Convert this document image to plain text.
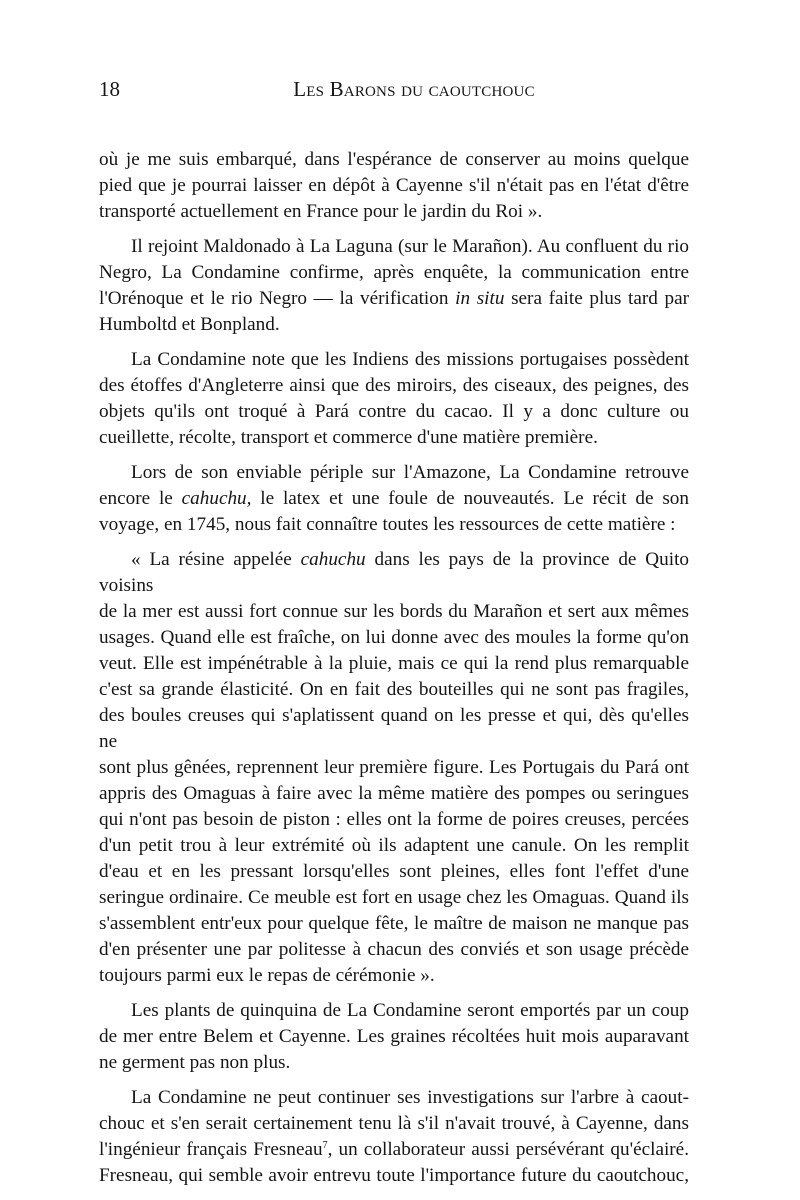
18	Les Barons du caoutchouc
où je me suis embarqué, dans l'espérance de conserver au moins quelque
pied que je pourrai laisser en dépôt à Cayenne s'il n'était pas en l'état d'être
transporté actuellement en France pour le jardin du Roi ».
Il rejoint Maldonado à La Laguna (sur le Marañon). Au confluent du rio
Negro, La Condamine confirme, après enquête, la communication entre
l'Orénoque et le rio Negro — la vérification in situ sera faite plus tard par
Humboltd et Bonpland.
La Condamine note que les Indiens des missions portugaises possèdent
des étoffes d'Angleterre ainsi que des miroirs, des ciseaux, des peignes, des
objets qu'ils ont troqué à Pará contre du cacao. Il y a donc culture ou
cueillette, récolte, transport et commerce d'une matière première.
Lors de son enviable périple sur l'Amazone, La Condamine retrouve
encore le cahuchu, le latex et une foule de nouveautés. Le récit de son
voyage, en 1745, nous fait connaître toutes les ressources de cette matière :
« La résine appelée cahuchu dans les pays de la province de Quito voisins
de la mer est aussi fort connue sur les bords du Marañon et sert aux mêmes
usages. Quand elle est fraîche, on lui donne avec des moules la forme qu'on
veut. Elle est impénétrable à la pluie, mais ce qui la rend plus remarquable
c'est sa grande élasticité. On en fait des bouteilles qui ne sont pas fragiles,
des boules creuses qui s'aplatissent quand on les presse et qui, dès qu'elles ne
sont plus gênées, reprennent leur première figure. Les Portugais du Pará ont
appris des Omaguas à faire avec la même matière des pompes ou seringues
qui n'ont pas besoin de piston : elles ont la forme de poires creuses, percées
d'un petit trou à leur extrémité où ils adaptent une canule. On les remplit
d'eau et en les pressant lorsqu'elles sont pleines, elles font l'effet d'une
seringue ordinaire. Ce meuble est fort en usage chez les Omaguas. Quand ils
s'assemblent entr'eux pour quelque fête, le maître de maison ne manque pas
d'en présenter une par politesse à chacun des conviés et son usage précède
toujours parmi eux le repas de cérémonie ».
Les plants de quinquina de La Condamine seront emportés par un coup
de mer entre Belem et Cayenne. Les graines récoltées huit mois auparavant
ne germent pas non plus.
La Condamine ne peut continuer ses investigations sur l'arbre à caout-
chouc et s'en serait certainement tenu là s'il n'avait trouvé, à Cayenne, dans
l'ingénieur français Fresneau$^7$, un collaborateur aussi persévérant qu'éclairé.
Fresneau, qui semble avoir entrevu toute l'importance future du caoutchouc,
